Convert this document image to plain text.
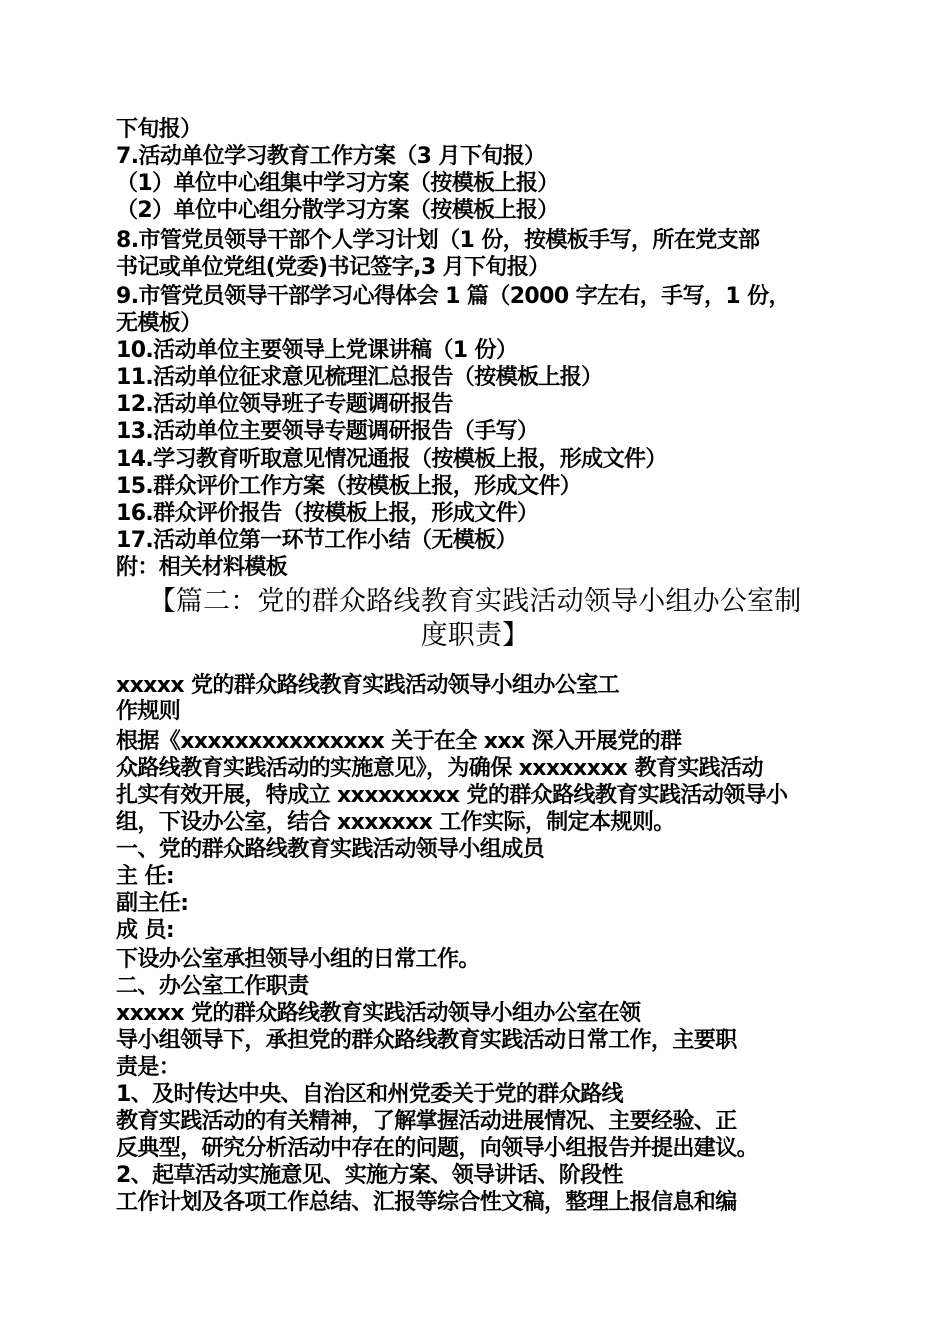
下旬报）
7.活动单位学习教育工作方案（3 月下旬报）
（1）单位中心组集中学习方案（按模板上报）
（2）单位中心组分散学习方案（按模板上报）
8.市管党员领导干部个人学习计划（1 份，按模板手写，所在党支部
书记或单位党组(党委)书记签字,3 月下旬报）
9.市管党员领导干部学习心得体会 1 篇（2000 字左右，手写，1 份，
无模板）
10.活动单位主要领导上党课讲稿（1 份）
11.活动单位征求意见梳理汇总报告（按模板上报）
12.活动单位领导班子专题调研报告
13.活动单位主要领导专题调研报告（手写）
14.学习教育听取意见情况通报（按模板上报，形成文件）
15.群众评价工作方案（按模板上报，形成文件）
16.群众评价报告（按模板上报，形成文件）
17.活动单位第一环节工作小结（无模板）
附：相关材料模板
【篇二：党的群众路线教育实践活动领导小组办公室制
度职责】
xxxxx 党的群众路线教育实践活动领导小组办公室工
作规则
根据《xxxxxxxxxxxxxxx 关于在全 xxx 深入开展党的群
众路线教育实践活动的实施意见》，为确保 xxxxxxxx 教育实践活动
扎实有效开展，特成立 xxxxxxxxx 党的群众路线教育实践活动领导小
组，下设办公室，结合 xxxxxxx 工作实际，制定本规则。
一、党的群众路线教育实践活动领导小组成员
主 任:
副主任:
成 员:
下设办公室承担领导小组的日常工作。
二、办公室工作职责
xxxxx 党的群众路线教育实践活动领导小组办公室在领
导小组领导下，承担党的群众路线教育实践活动日常工作，主要职
责是：
1、及时传达中央、自治区和州党委关于党的群众路线
教育实践活动的有关精神，了解掌握活动进展情况、主要经验、正
反典型，研究分析活动中存在的问题，向领导小组报告并提出建议。
2、起草活动实施意见、实施方案、领导讲话、阶段性
工作计划及各项工作总结、汇报等综合性文稿，整理上报信息和编
